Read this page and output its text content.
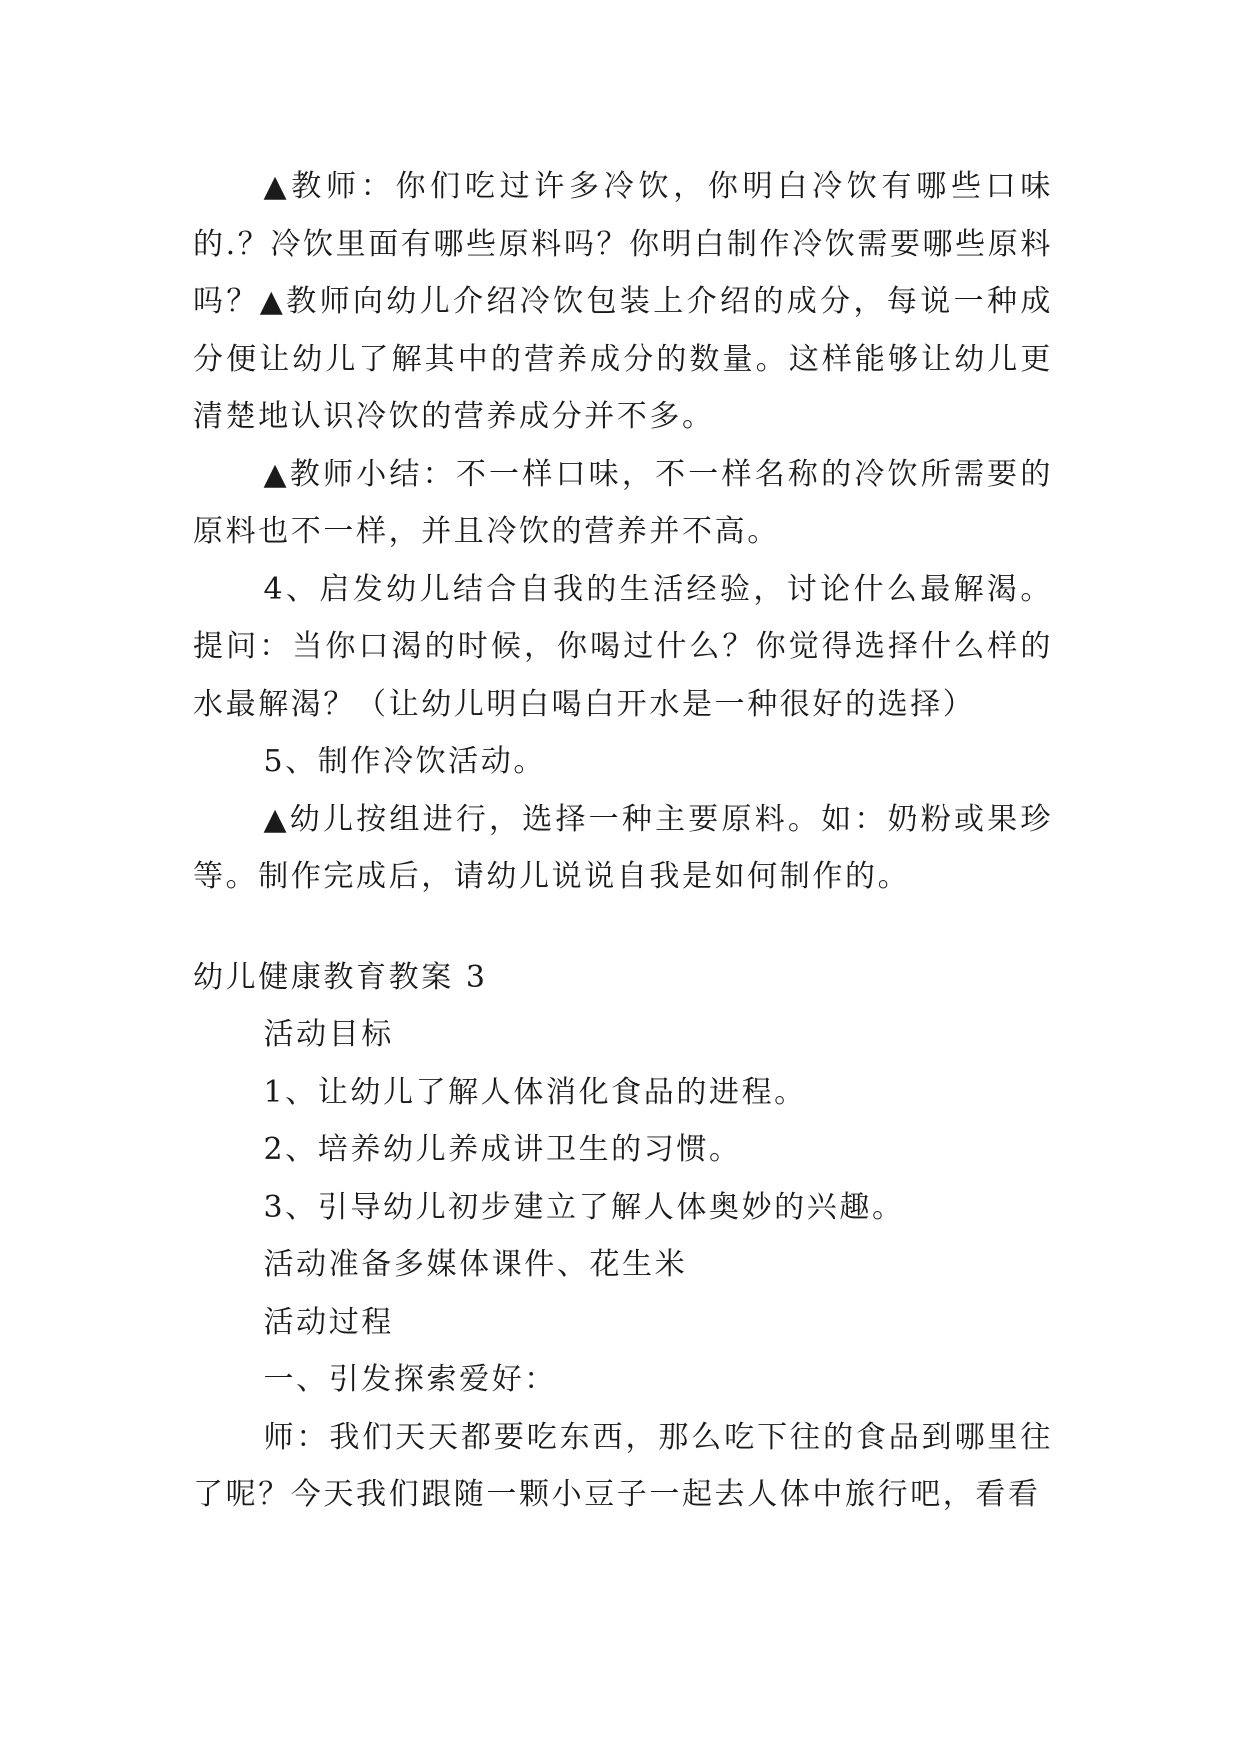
▲教师：你们吃过许多冷饮，你明白冷饮有哪些口味的.？冷饮里面有哪些原料吗？你明白制作冷饮需要哪些原料吗？▲教师向幼儿介绍冷饮包装上介绍的成分，每说一种成分便让幼儿了解其中的营养成分的数量。这样能够让幼儿更清楚地认识冷饮的营养成分并不多。

▲教师小结：不一样口味，不一样名称的冷饮所需要的原料也不一样，并且冷饮的营养并不高。

4、启发幼儿结合自我的生活经验，讨论什么最解渴。提问：当你口渴的时候，你喝过什么？你觉得选择什么样的水最解渴？（让幼儿明白喝白开水是一种很好的选择）

5、制作冷饮活动。

▲幼儿按组进行，选择一种主要原料。如：奶粉或果珍等。制作完成后，请幼儿说说自我是如何制作的。

幼儿健康教育教案 3

活动目标

1、让幼儿了解人体消化食品的进程。

2、培养幼儿养成讲卫生的习惯。

3、引导幼儿初步建立了解人体奥妙的兴趣。

活动准备多媒体课件、花生米

活动过程

一、引发探索爱好：

师：我们天天都要吃东西，那么吃下往的食品到哪里往了呢？今天我们跟随一颗小豆子一起去人体中旅行吧，看看
